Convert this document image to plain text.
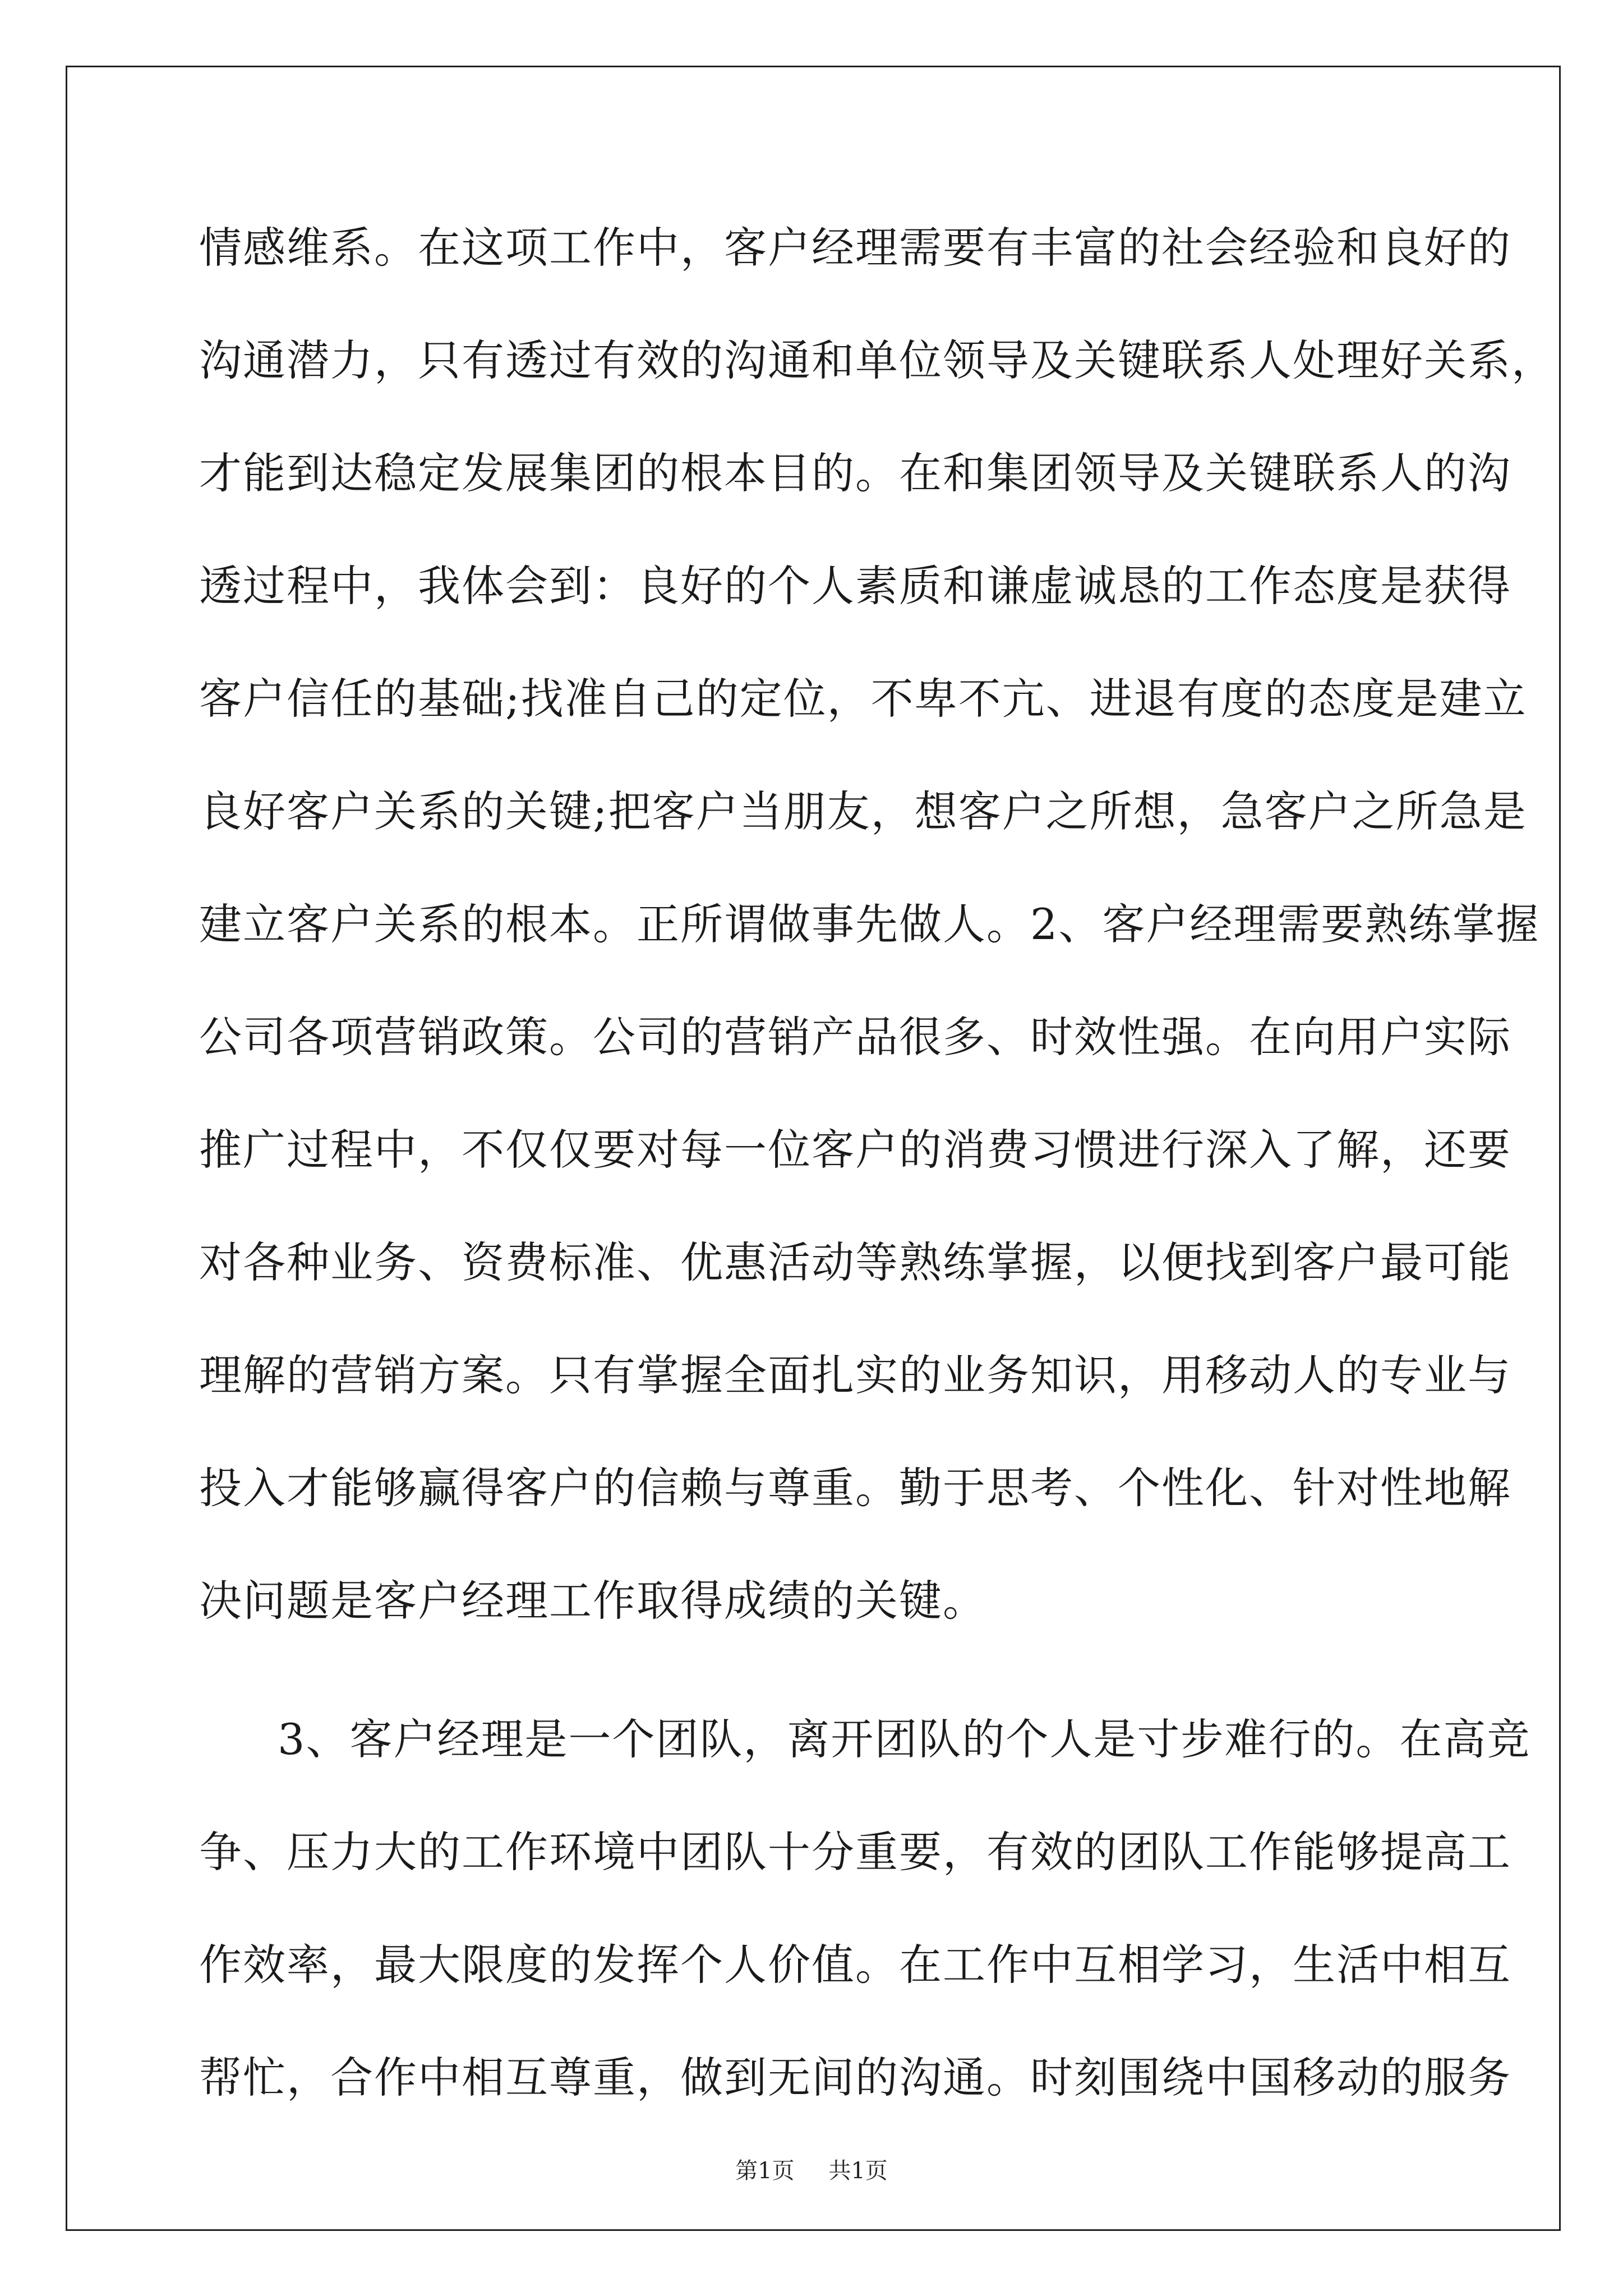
情感维系。在这项工作中，客户经理需要有丰富的社会经验和良好的
沟通潜力，只有透过有效的沟通和单位领导及关键联系人处理好关系，
才能到达稳定发展集团的根本目的。在和集团领导及关键联系人的沟
透过程中，我体会到：良好的个人素质和谦虚诚恳的工作态度是获得
客户信任的基础;找准自己的定位，不卑不亢、进退有度的态度是建立
良好客户关系的关键;把客户当朋友，想客户之所想，急客户之所急是
建立客户关系的根本。正所谓做事先做人。2、客户经理需要熟练掌握
公司各项营销政策。公司的营销产品很多、时效性强。在向用户实际
推广过程中，不仅仅要对每一位客户的消费习惯进行深入了解，还要
对各种业务、资费标准、优惠活动等熟练掌握，以便找到客户最可能
理解的营销方案。只有掌握全面扎实的业务知识，用移动人的专业与
投入才能够赢得客户的信赖与尊重。勤于思考、个性化、针对性地解
决问题是客户经理工作取得成绩的关键。
3、客户经理是一个团队，离开团队的个人是寸步难行的。在高竞
争、压力大的工作环境中团队十分重要，有效的团队工作能够提高工
作效率，最大限度的发挥个人价值。在工作中互相学习，生活中相互
帮忙，合作中相互尊重，做到无间的沟通。时刻围绕中国移动的服务
第1页 共1页
